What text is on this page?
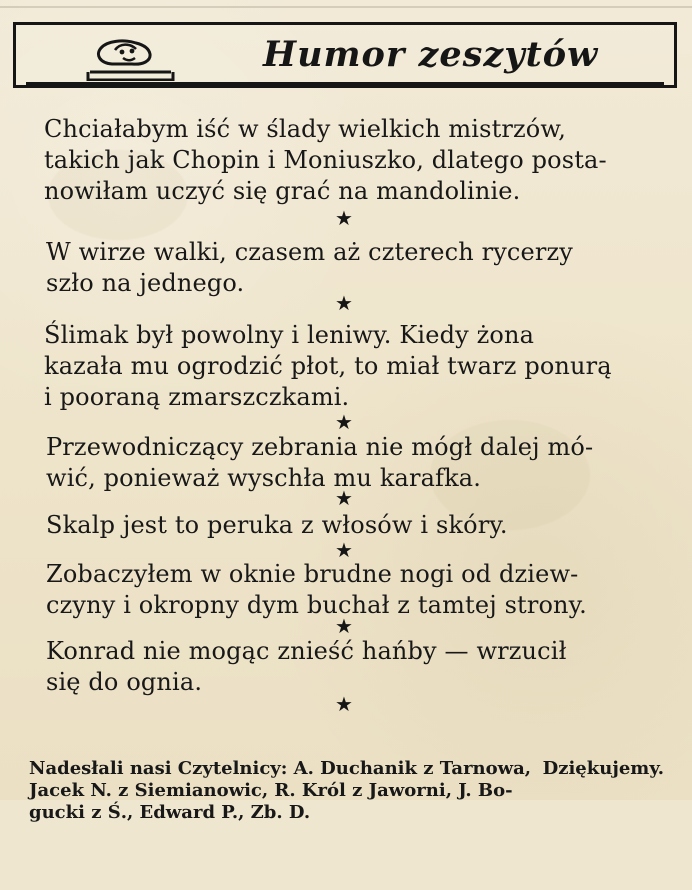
Humor zeszytów
Chciałabym iść w ślady wielkich mistrzów,
takich jak Chopin i Moniuszko, dlatego posta-
nowiłam uczyć się grać na mandolinie.
★
W wirze walki, czasem aż czterech rycerzy
szło na jednego.
★
Ślimak był powolny i leniwy. Kiedy żona
kazała mu ogrodzić płot, to miał twarz ponurą
i pooraną zmarszczkami.
★
Przewodniczący zebrania nie mógł dalej mó-
wić, ponieważ wyschła mu karafka.
★
Skalp jest to peruka z włosów i skóry.
★
Zobaczyłem w oknie brudne nogi od dziew-
czyny i okropny dym buchał z tamtej strony.
★
Konrad nie mogąc znieść hańby — wrzucił
się do ognia.
★

Nadesłali nasi Czytelnicy: A. Duchanik z Tarnowa,
Jacek N. z Siemianowic, R. Król z Jaworni, J. Bo-
gucki z Ś., Edward P., Zb. D.

Dziękujemy.
